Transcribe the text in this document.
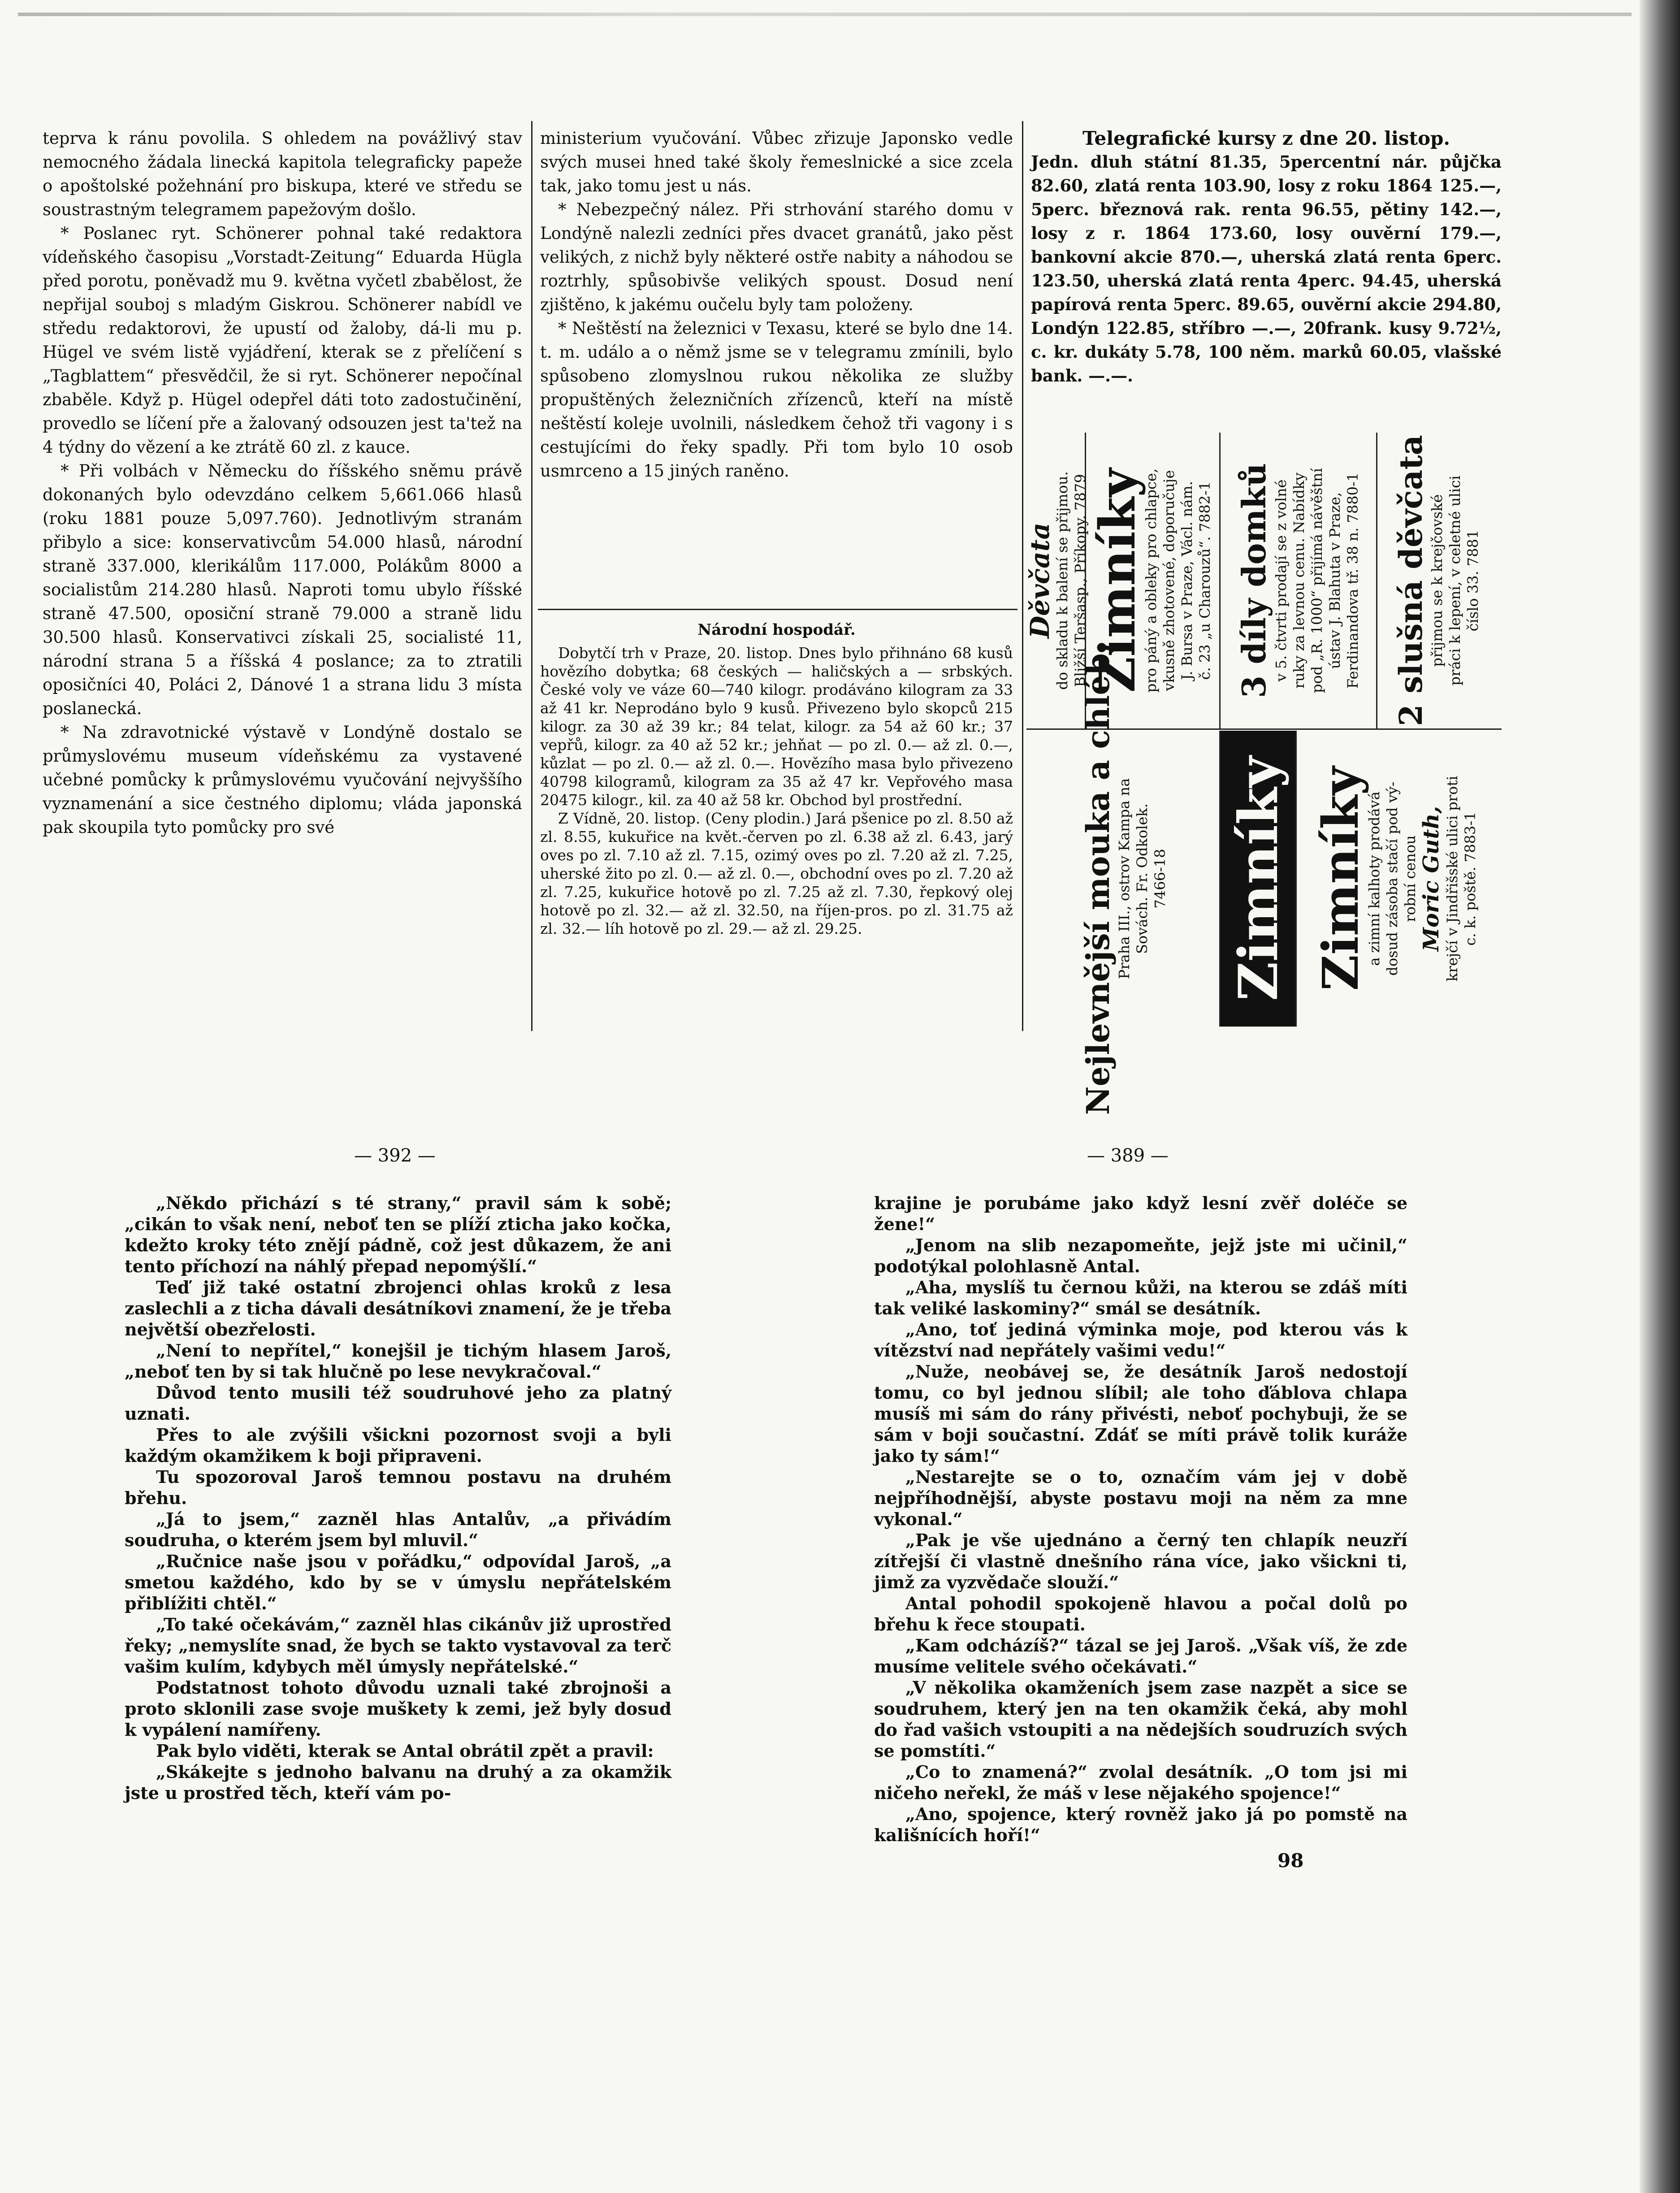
teprva k ránu povolila. S ohledem na povážlivý stav nemocného žádala linecká kapitola telegraficky papeže o apoštolské požehnání pro biskupa, které ve středu se soustrastným telegramem papežovým došlo.

* Poslanec ryt. Schönerer pohnal také redaktora vídeňského časopisu „Vorstadt-Zeitung“ Eduarda Hügla před porotu, poněvadž mu 9. května vyčetl zbabělost, že nepřijal souboj s mladým Giskrou. Schönerer nabídl ve středu redaktorovi, že upustí od žaloby, dá-li mu p. Hügel ve svém listě vyjádření, kterak se z přelíčení s „Tagblattem“ přesvědčil, že si ryt. Schönerer nepočínal zbaběle. Když p. Hügel odepřel dáti toto zadostučinění, provedlo se líčení pře a žalovaný odsouzen jest ta'tež na 4 týdny do vězení a ke ztrátě 60 zl. z kauce.

* Při volbách v Německu do říšského sněmu právě dokonaných bylo odevzdáno celkem 5,661.066 hlasů (roku 1881 pouze 5,097.760). Jednotlivým stranám přibylo a sice: konservativcům 54.000 hlasů, národní straně 337.000, klerikálům 117.000, Polákům 8000 a socialistům 214.280 hlasů. Naproti tomu ubylo říšské straně 47.500, oposiční straně 79.000 a straně lidu 30.500 hlasů. Konservativci získali 25, socialisté 11, národní strana 5 a říšská 4 poslance; za to ztratili oposičníci 40, Poláci 2, Dánové 1 a strana lidu 3 místa poslanecká.

* Na zdravotnické výstavě v Londýně dostalo se průmyslovému museum vídeňskému za vystavené učebné pomůcky k průmyslovému vyučování nejvyššího vyznamenání a sice čestného diplomu; vláda japonská pak skoupila tyto pomůcky pro své

ministerium vyučování. Vůbec zřizuje Japonsko vedle svých musei hned také školy řemeslnické a sice zcela tak, jako tomu jest u nás.

* Nebezpečný nález. Při strhování starého domu v Londýně nalezli zedníci přes dvacet granátů, jako pěst velikých, z nichž byly některé ostře nabity a náhodou se roztrhly, spůsobivše velikých spoust. Dosud není zjištěno, k jakému oučelu byly tam položeny.

* Neštěstí na železnici v Texasu, které se bylo dne 14. t. m. událo a o němž jsme se v telegramu zmínili, bylo spůsobeno zlomyslnou rukou několika ze služby propuštěných železničních zřízenců, kteří na místě neštěstí koleje uvolnili, následkem čehož tři vagony i s cestujícími do řeky spadly. Při tom bylo 10 osob usmrceno a 15 jiných raněno.

Národní hospodář.

Dobytčí trh v Praze, 20. listop. Dnes bylo přihnáno 68 kusů hovězího dobytka; 68 českých — haličských a — srbských. České voly ve váze 60—740 kilogr. prodáváno kilogram za 33 až 41 kr. Neprodáno bylo 9 kusů. Přivezeno bylo skopců 215 kilogr. za 30 až 39 kr.; 84 telat, kilogr. za 54 až 60 kr.; 37 vepřů, kilogr. za 40 až 52 kr.; jehňat — po zl. 0.— až zl. 0.—, kůzlat — po zl. 0.— až zl. 0.—. Hovězího masa bylo přivezeno 40798 kilogramů, kilogram za 35 až 47 kr. Vepřového masa 20475 kilogr., kil. za 40 až 58 kr. Obchod byl prostřední.

Z Vídně, 20. listop. (Ceny plodin.) Jará pšenice po zl. 8.50 až zl. 8.55, kukuřice na květ.-červen po zl. 6.38 až zl. 6.43, jarý oves po zl. 7.10 až zl. 7.15, ozimý oves po zl. 7.20 až zl. 7.25, uherské žito po zl. 0.— až zl. 0.—, obchodní oves po zl. 7.20 až zl. 7.25, kukuřice hotově po zl. 7.25 až zl. 7.30, řepkový olej hotově po zl. 32.— až zl. 32.50, na říjen-pros. po zl. 31.75 až zl. 32.— líh hotově po zl. 29.— až zl. 29.25.

Telegrafické kursy z dne 20. listop.

Jedn. dluh státní 81.35, 5percentní nár. půjčka 82.60, zlatá renta 103.90, losy z roku 1864 125.—, 5perc. březnová rak. renta 96.55, pětiny 142.—, losy z r. 1864 173.60, losy ouvěrní 179.—, bankovní akcie 870.—, uherská zlatá renta 6perc. 123.50, uherská zlatá renta 4perc. 94.45, uherská papírová renta 5perc. 89.65, ouvěrní akcie 294.80, Londýn 122.85, stříbro —.—, 20frank. kusy 9.72½, c. kr. dukáty 5.78, 100 něm. marků 60.05, vlašské bank. —.—.

Děvčata
do skladu k balení se přijmou. Bližší Teršasp., Příkopy. 7879 Zimníky
pro páný a obleky pro chlapce, vkusně zhotovené, doporučuje J. Bursa v Praze, Václ. nám. č. 23 „u Charouzů“. 7882-1 3 díly domků v 5. čtvrti prodají se z volné ruky za levnou cenu. Nabídky pod „R. 1000“ přijímá návěštní ústav J. Blahuta v Praze, Ferdinandova tř. 38 n. 7880-1 2 slušná děvčata
přijmou se k krejčovské práci k lepení, v celetné ulici číslo 33. 7881
Nejlevnější mouka a chléb,
Praha III., ostrov Kampa na Sovách. Fr. Odkolek. 7466-18 Zimníky Zimníky
a zimní kalhoty prodává dosud zásoba stačí pod vý- robní cenou Moric Guth, krejčí v Jindřišské ulici proti c. k. poště. 7883-1
— 392 —	— 389 —

„Někdo přichází s té strany,“ pravil sám k sobě; „cikán to však není, neboť ten se plíží zticha jako kočka, kdežto kroky této znějí pádně, což jest důkazem, že ani tento příchozí na náhlý přepad nepomýšlí.“

Teď již také ostatní zbrojenci ohlas kroků z lesa zaslechli a z ticha dávali desátníkovi znamení, že je třeba největší obezřelosti.

„Není to nepřítel,“ konejšil je tichým hlasem Jaroš, „neboť ten by si tak hlučně po lese nevykračoval.“

Důvod tento musili též soudruhové jeho za platný uznati.

Přes to ale zvýšili všickni pozornost svoji a byli každým okamžikem k boji připraveni.

Tu spozoroval Jaroš temnou postavu na druhém břehu.

„Já to jsem,“ zazněl hlas Antalův, „a přivádím soudruha, o kterém jsem byl mluvil.“

„Ručnice naše jsou v pořádku,“ odpovídal Jaroš, „a smetou každého, kdo by se v úmyslu nepřátelském přiblížiti chtěl.“

„To také očekávám,“ zazněl hlas cikánův již uprostřed řeky; „nemyslíte snad, že bych se takto vystavoval za terč vašim kulím, kdybych měl úmysly nepřátelské.“

Podstatnost tohoto důvodu uznali také zbrojnoši a proto sklonili zase svoje mušketу k zemi, jež byly dosud k vypálení namířeny.

Pak bylo viděti, kterak se Antal obrátil zpět a pravil:

„Skákejte s jednoho balvanu na druhý a za okamžik jste u prostřed těch, kteří vám po-

krajine je porubáme jako když lesní zvěř doléče se žene!“

„Jenom na slib nezapomeňte, jejž jste mi učinil,“ podotýkal polohlasně Antal.

„Aha, myslíš tu černou kůži, na kterou se zdáš míti tak veliké laskominy?“ smál se desátník.

„Ano, toť jediná výminka moje, pod kterou vás k vítězství nad nepřátely vašimi vedu!“

„Nuže, neobávej se, že desátník Jaroš nedostojí tomu, co byl jednou slíbil; ale toho ďáblova chlapa musíš mi sám do rány přivésti, neboť pochybuji, že se sám v boji součastní. Zdáť se míti právě tolik kuráže jako ty sám!“

„Nestarejte se o to, označím vám jej v době nejpříhodnější, abyste postavu moji na něm za mne vykonal.“

„Pak je vše ujednáno a černý ten chlapík neuzří zítřejší či vlastně dnešního rána více, jako všickni ti, jimž za vyzvědače slouží.“

Antal pohodil spokojeně hlavou a počal dolů po břehu k řece stoupati.

„Kam odcházíš?“ tázal se jej Jaroš. „Však víš, že zde musíme velitele svého očekávati.“

„V několika okamženích jsem zase nazpět a sice se soudruhem, který jen na ten okamžik čeká, aby mohl do řad vašich vstoupiti a na nědejších soudruzích svých se pomstíti.“

„Co to znamená?“ zvolal desátník. „O tom jsi mi ničeho neřekl, že máš v lese nějakého spojence!“

„Ano, spojence, který rovněž jako já po pomstě na kališnících hoří!“

98
